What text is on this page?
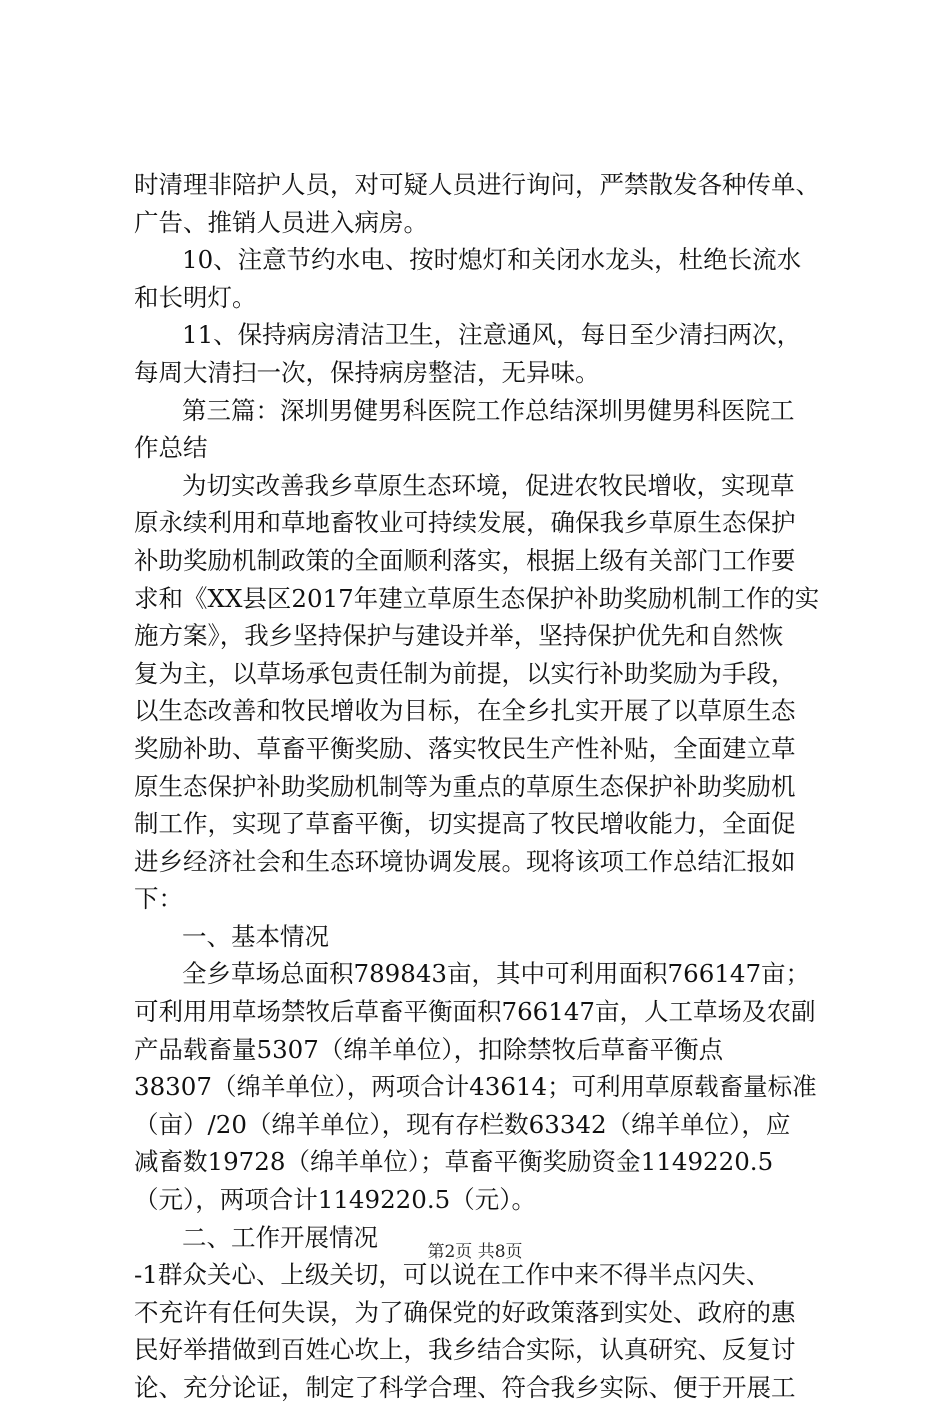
时清理非陪护人员，对可疑人员进行询问，严禁散发各种传单、
广告、推销人员进入病房。
10、注意节约水电、按时熄灯和关闭水龙头，杜绝长流水
和长明灯。
11、保持病房清洁卫生，注意通风，每日至少清扫两次，
每周大清扫一次，保持病房整洁，无异味。
第三篇：深圳男健男科医院工作总结深圳男健男科医院工
作总结
为切实改善我乡草原生态环境，促进农牧民增收，实现草
原永续利用和草地畜牧业可持续发展，确保我乡草原生态保护
补助奖励机制政策的全面顺利落实，根据上级有关部门工作要
求和《XX县区2017年建立草原生态保护补助奖励机制工作的实
施方案》，我乡坚持保护与建设并举，坚持保护优先和自然恢
复为主，以草场承包责任制为前提，以实行补助奖励为手段，
以生态改善和牧民增收为目标，在全乡扎实开展了以草原生态
奖励补助、草畜平衡奖励、落实牧民生产性补贴，全面建立草
原生态保护补助奖励机制等为重点的草原生态保护补助奖励机
制工作，实现了草畜平衡，切实提高了牧民增收能力，全面促
进乡经济社会和生态环境协调发展。现将该项工作总结汇报如
下：
一、基本情况
全乡草场总面积789843亩，其中可利用面积766147亩；
可利用用草场禁牧后草畜平衡面积766147亩，人工草场及农副
产品载畜量5307（绵羊单位），扣除禁牧后草畜平衡点
38307（绵羊单位），两项合计43614；可利用草原载畜量标准
（亩）/20（绵羊单位），现有存栏数63342（绵羊单位），应
减畜数19728（绵羊单位）；草畜平衡奖励资金1149220.5
（元），两项合计1149220.5（元）。
二、工作开展情况
-1群众关心、上级关切，可以说在工作中来不得半点闪失、
不充许有任何失误，为了确保党的好政策落到实处、政府的惠
民好举措做到百姓心坎上，我乡结合实际，认真研究、反复讨
论、充分论证，制定了科学合理、符合我乡实际、便于开展工
第2页 共8页
